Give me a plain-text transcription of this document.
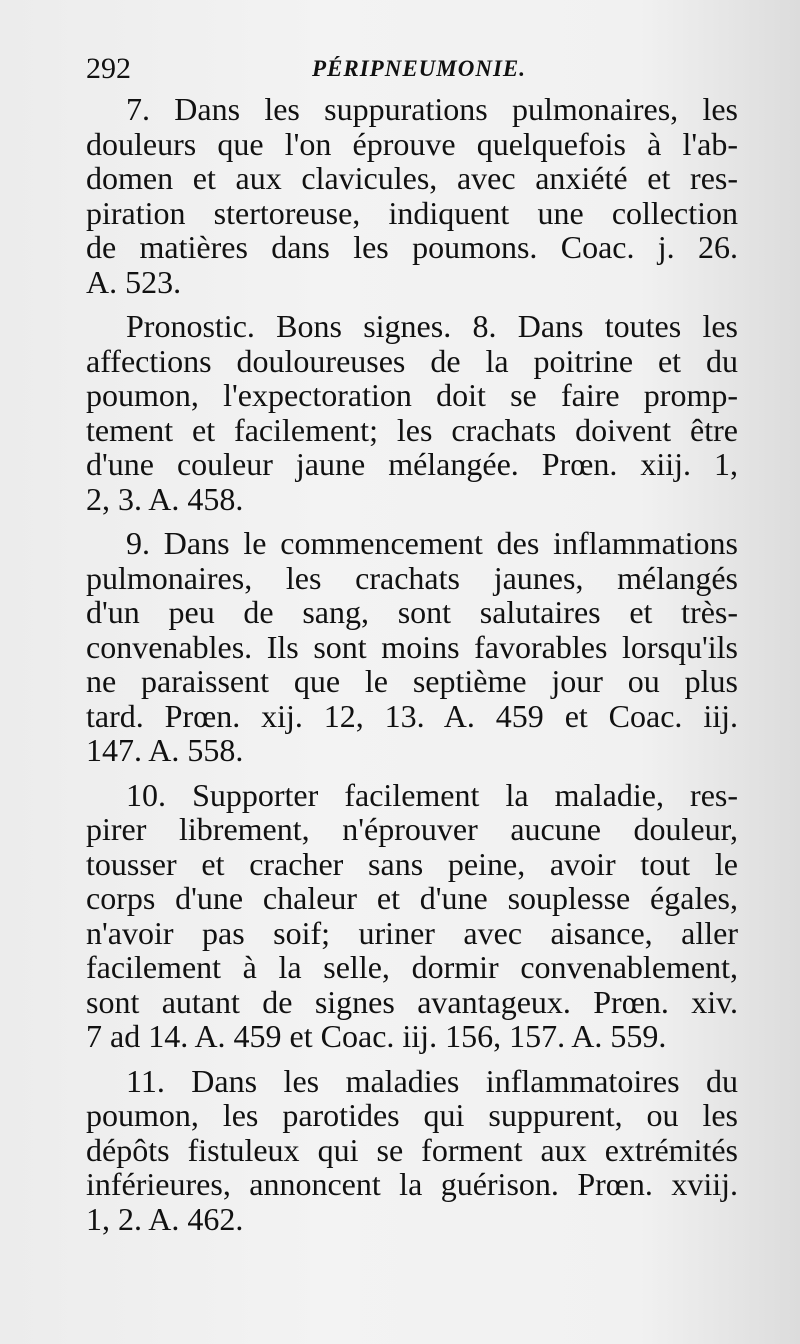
292	PÉRIPNEUMONIE.
7. Dans les suppurations pulmonaires, les
douleurs que l'on éprouve quelquefois à l'ab-
domen et aux clavicules, avec anxiété et res-
piration stertoreuse, indiquent une collection
de matières dans les poumons. Coac. j. 26.
A. 523.
Pronostic. Bons signes. 8. Dans toutes les
affections douloureuses de la poitrine et du
poumon, l'expectoration doit se faire promp-
tement et facilement; les crachats doivent être
d'une couleur jaune mélangée. Prœn. xiij. 1,
2, 3. A. 458.
9. Dans le commencement des inflammations
pulmonaires, les crachats jaunes, mélangés
d'un peu de sang, sont salutaires et très-
convenables. Ils sont moins favorables lorsqu'ils
ne paraissent que le septième jour ou plus
tard. Prœn. xij. 12, 13. A. 459 et Coac. iij.
147. A. 558.
10. Supporter facilement la maladie, res-
pirer librement, n'éprouver aucune douleur,
tousser et cracher sans peine, avoir tout le
corps d'une chaleur et d'une souplesse égales,
n'avoir pas soif; uriner avec aisance, aller
facilement à la selle, dormir convenablement,
sont autant de signes avantageux. Prœn. xiv.
7 ad 14. A. 459 et Coac. iij. 156, 157. A. 559.
11. Dans les maladies inflammatoires du
poumon, les parotides qui suppurent, ou les
dépôts fistuleux qui se forment aux extrémités
inférieures, annoncent la guérison. Prœn. xviij.
1, 2. A. 462.
